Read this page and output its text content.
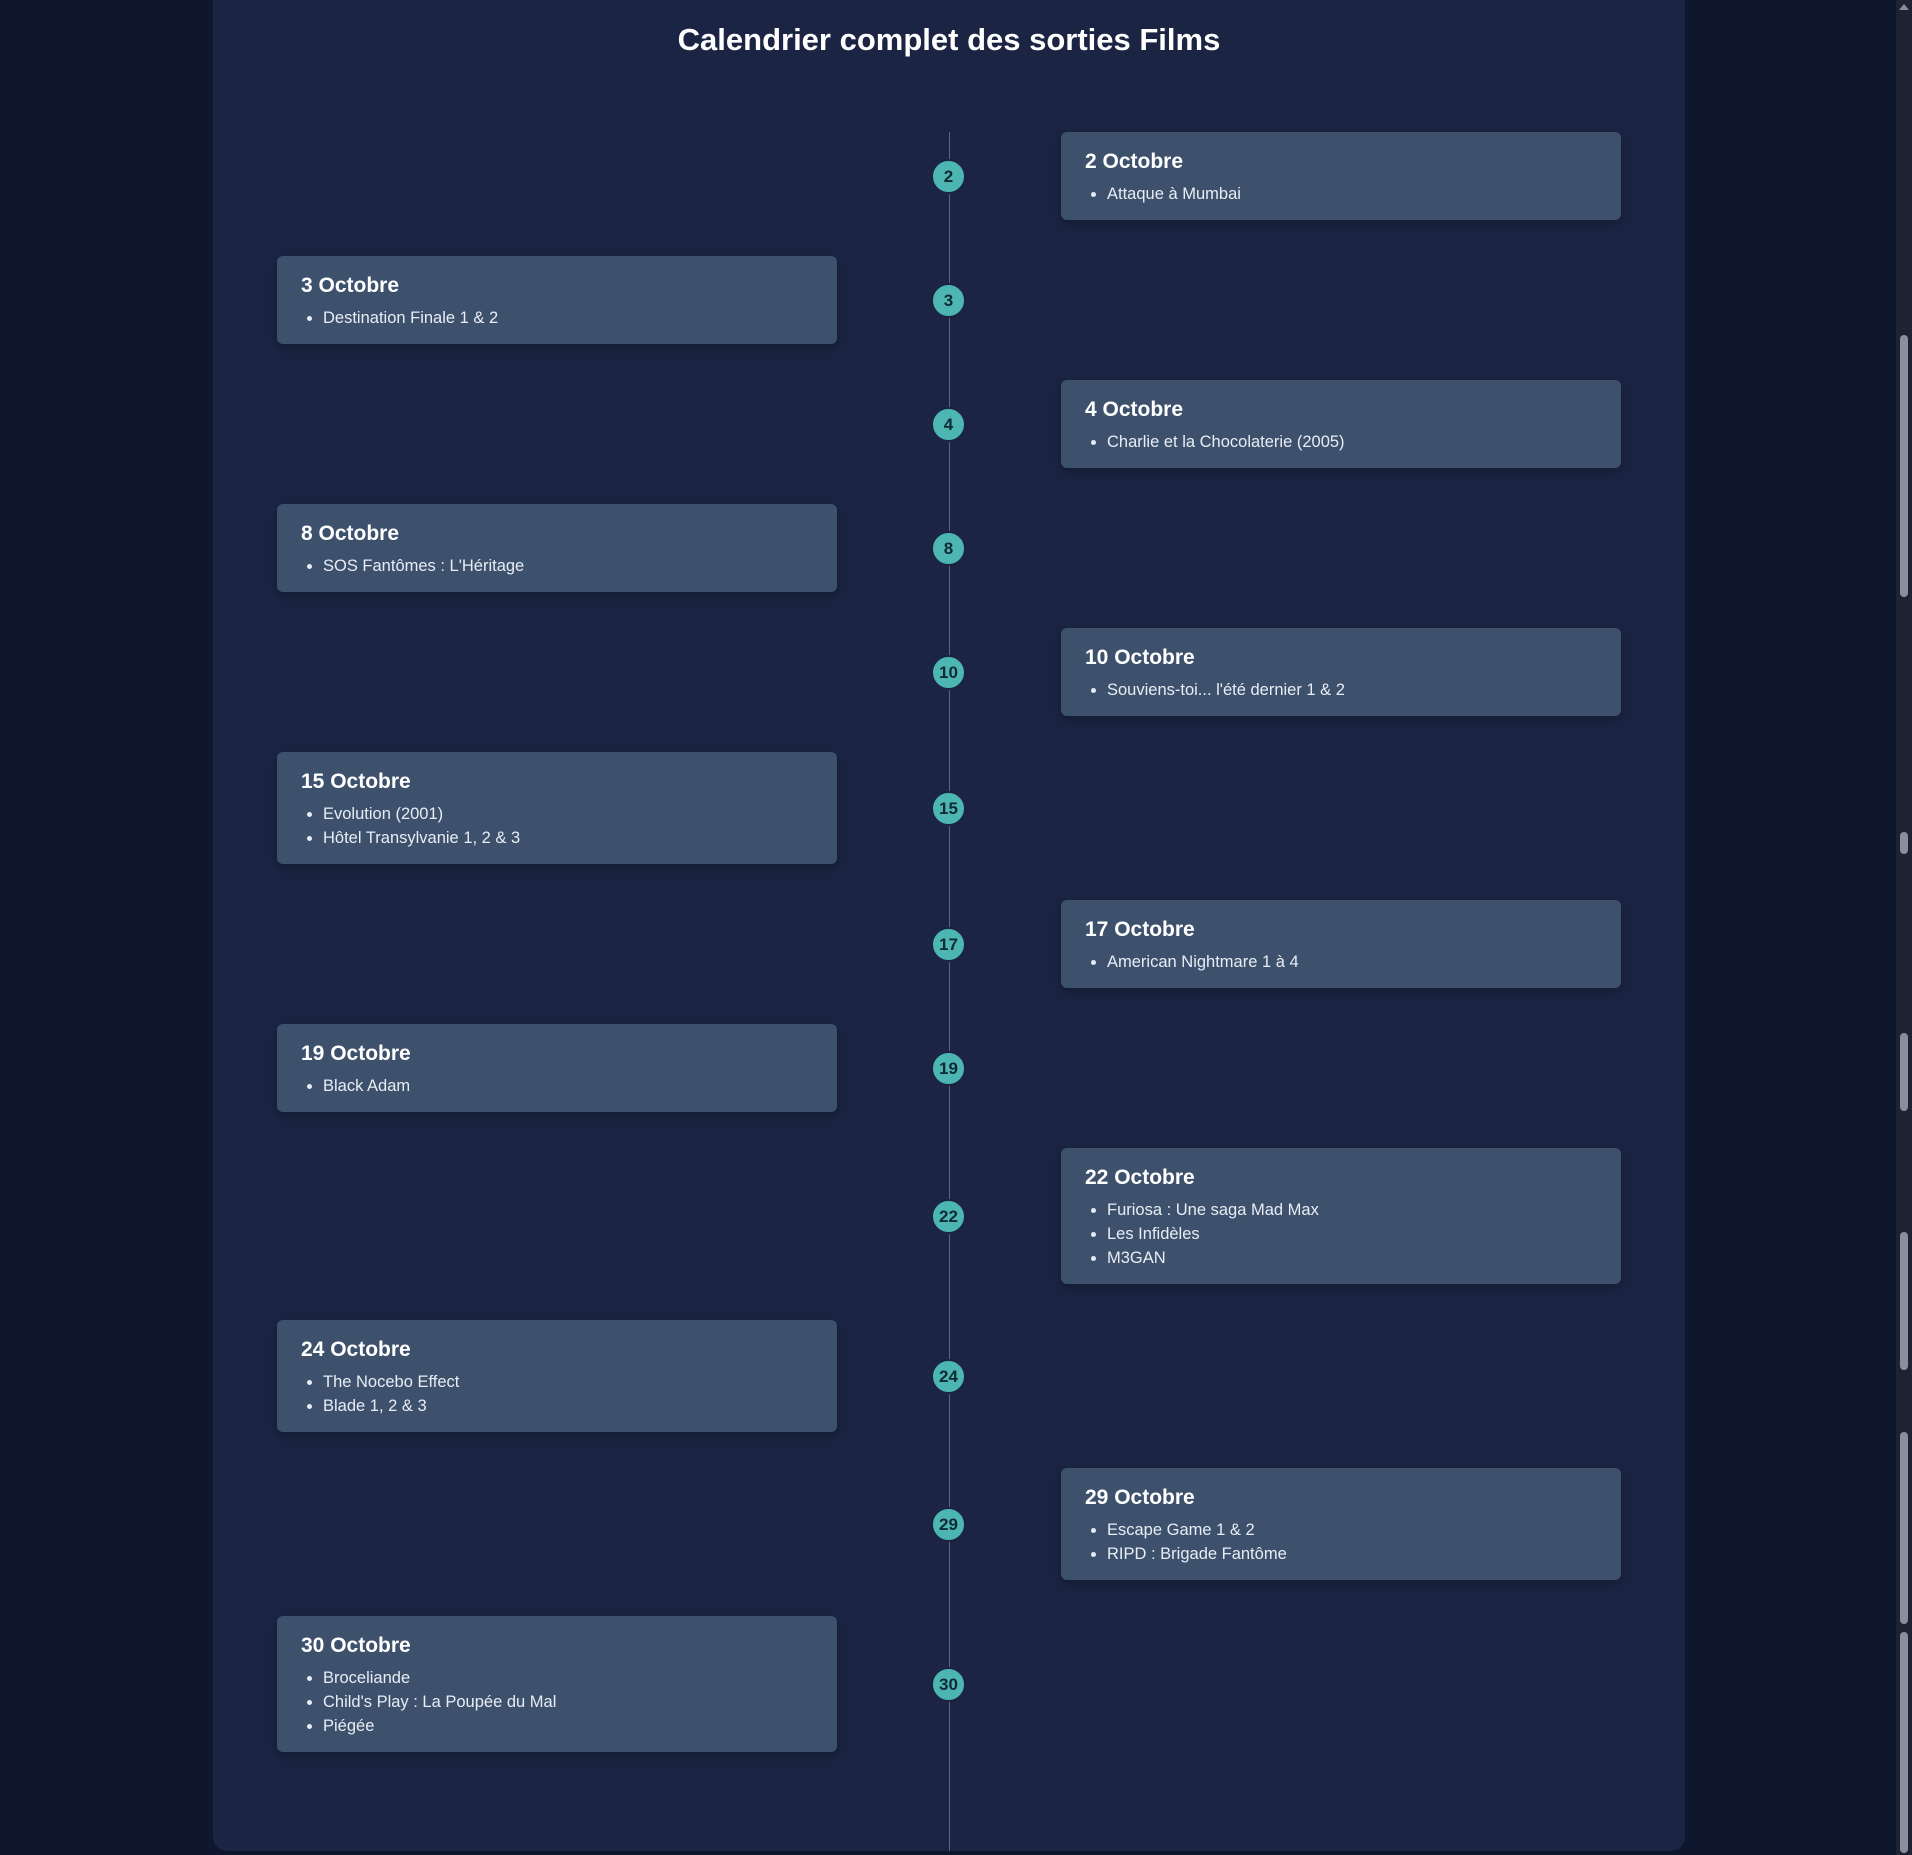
Calendrier complet des sorties Films
2 Octobre
• Attaque à Mumbai
2
3 Octobre
• Destination Finale 1 & 2
3
4 Octobre
• Charlie et la Chocolaterie (2005)
4
8 Octobre
• SOS Fantômes : L'Héritage
8
10 Octobre
• Souviens-toi... l'été dernier 1 & 2
10
15 Octobre
• Evolution (2001)
• Hôtel Transylvanie 1, 2 & 3
15
17 Octobre
• American Nightmare 1 à 4
17
19 Octobre
• Black Adam
19
22 Octobre
• Furiosa : Une saga Mad Max
• Les Infidèles
• M3GAN
22
24 Octobre
• The Nocebo Effect
• Blade 1, 2 & 3
24
29 Octobre
• Escape Game 1 & 2
• RIPD : Brigade Fantôme
29
30 Octobre
• Broceliande
• Child's Play : La Poupée du Mal
• Piégée
30
